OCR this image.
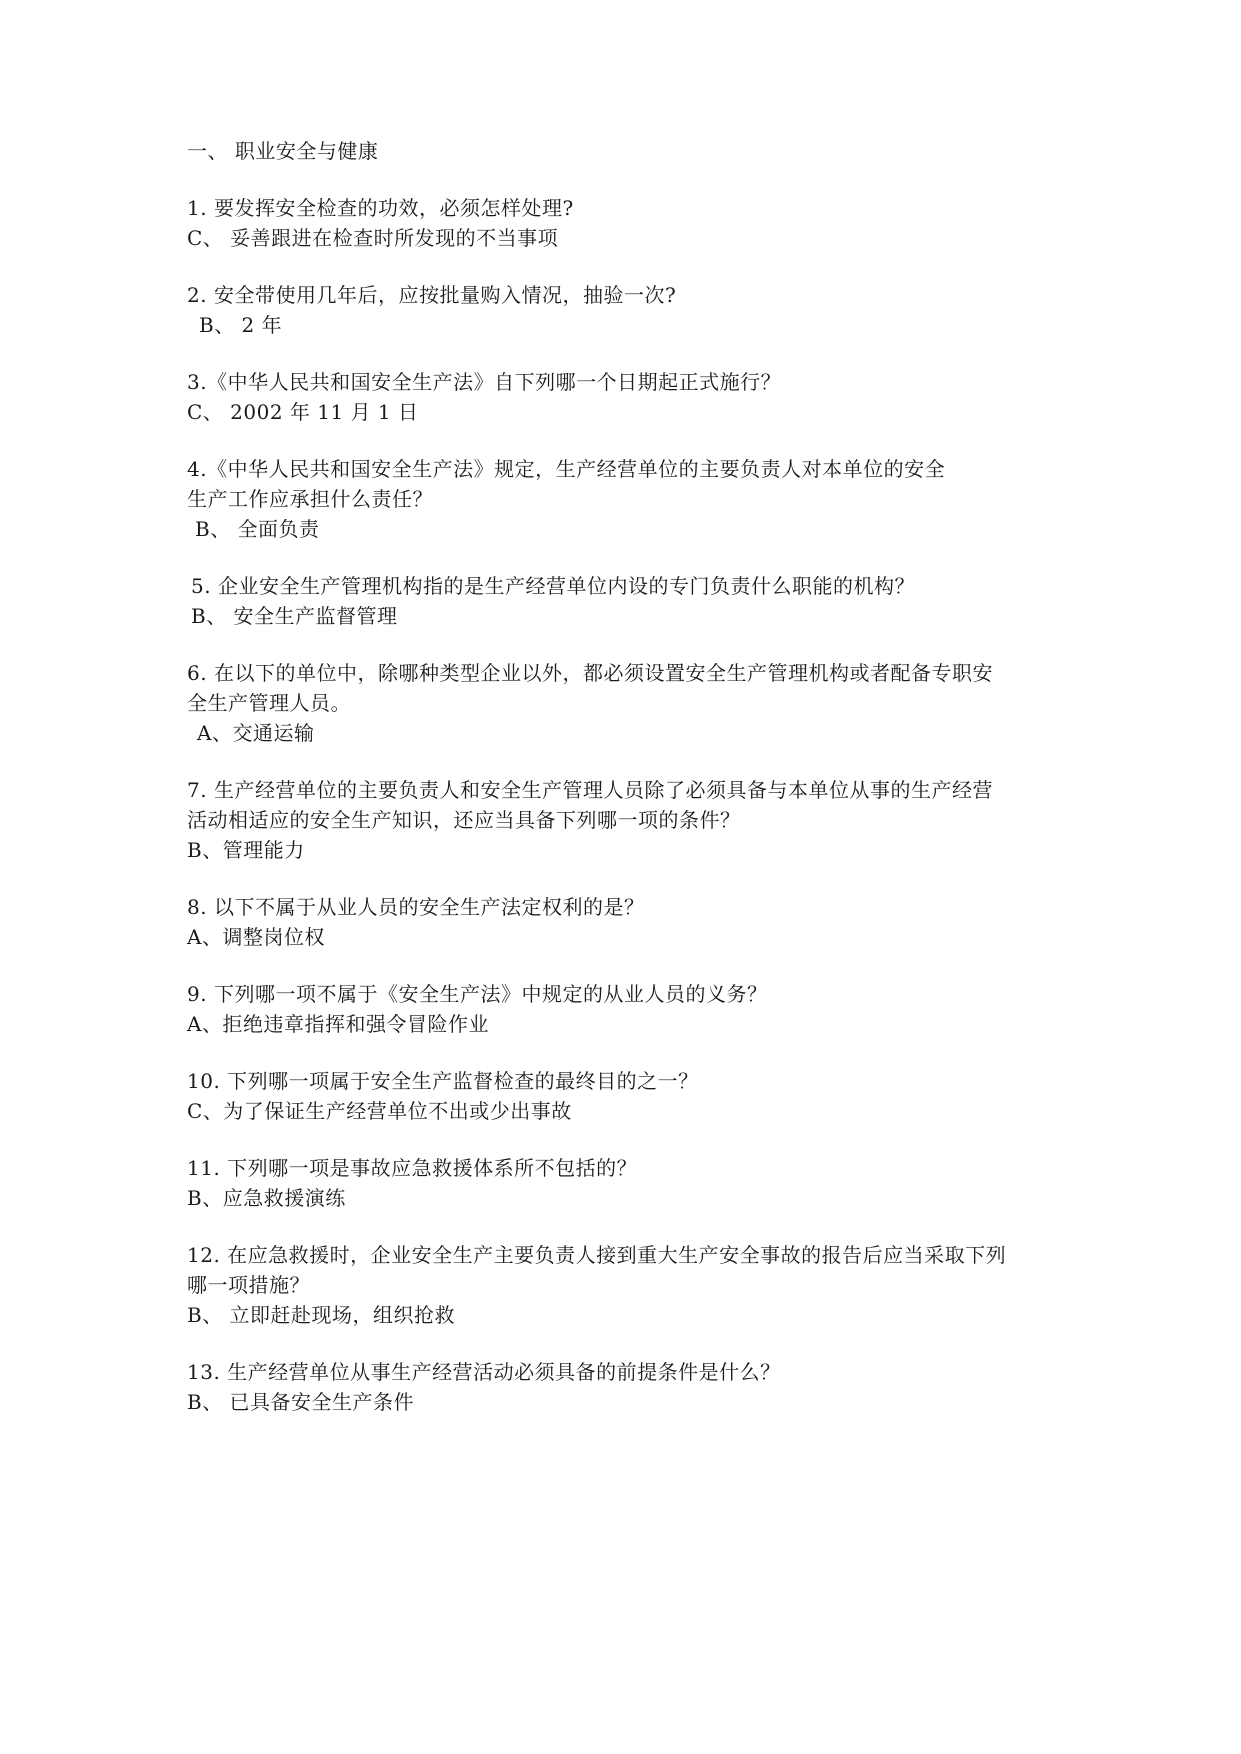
一、 职业安全与健康
1. 要发挥安全检查的功效，必须怎样处理?
C、 妥善跟进在检查时所发现的不当事项
2. 安全带使用几年后，应按批量购入情况，抽验一次?
B、 2 年
3.《中华人民共和国安全生产法》自下列哪一个日期起正式施行？
C、 2002 年 11 月 1 日
4.《中华人民共和国安全生产法》规定，生产经营单位的主要负责人对本单位的安全
生产工作应承担什么责任？
B、 全面负责
5. 企业安全生产管理机构指的是生产经营单位内设的专门负责什么职能的机构？
B、 安全生产监督管理
6. 在以下的单位中，除哪种类型企业以外，都必须设置安全生产管理机构或者配备专职安
全生产管理人员。
A、交通运输
7. 生产经营单位的主要负责人和安全生产管理人员除了必须具备与本单位从事的生产经营
活动相适应的安全生产知识，还应当具备下列哪一项的条件？
B、管理能力
8. 以下不属于从业人员的安全生产法定权利的是？
A、调整岗位权
9. 下列哪一项不属于《安全生产法》中规定的从业人员的义务？
A、拒绝违章指挥和强令冒险作业
10. 下列哪一项属于安全生产监督检查的最终目的之一？
C、为了保证生产经营单位不出或少出事故
11. 下列哪一项是事故应急救援体系所不包括的？
B、应急救援演练
12. 在应急救援时，企业安全生产主要负责人接到重大生产安全事故的报告后应当采取下列
哪一项措施？
B、 立即赶赴现场，组织抢救
13. 生产经营单位从事生产经营活动必须具备的前提条件是什么？
B、 已具备安全生产条件
